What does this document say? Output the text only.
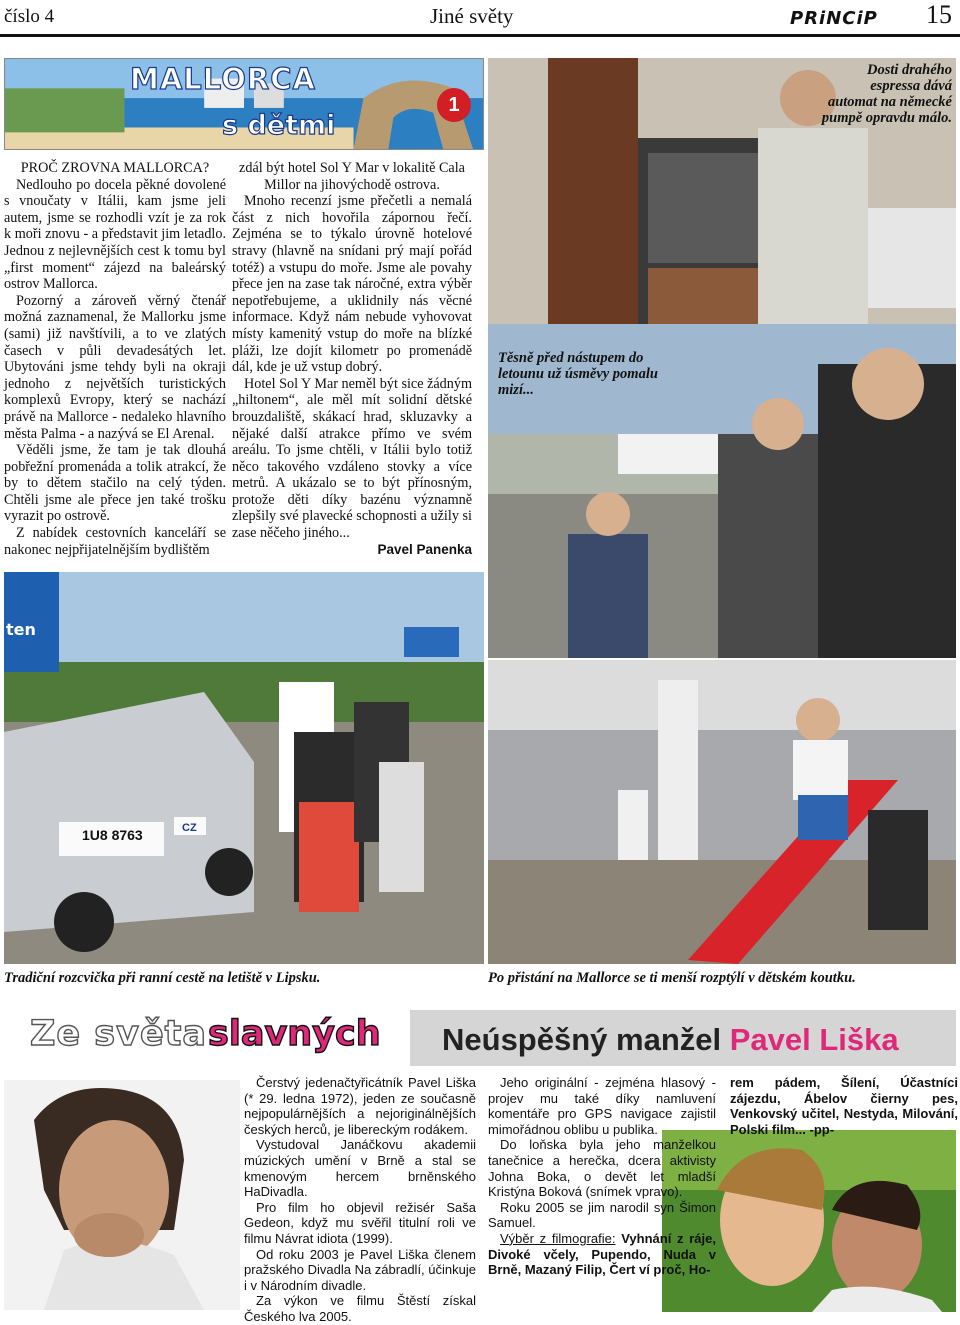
číslo 4	Jiné světy	PRiNCiP 15
MALLORCA
s dětmi
1
PROČ ZROVNA MALLORCA?

Nedlouho po docela pěkné dovolené s vnoučaty v Itálii, kam jsme jeli autem, jsme se rozhodli vzít je za rok k moři znovu - a představit jim letadlo. Jednou z nejlevnějších cest k tomu byl „first moment“ zájezd na baleárský ostrov Mallorca.

Pozorný a zároveň věrný čtenář možná zaznamenal, že Mallorku jsme (sami) již navštívili, a to ve zlatých časech v půli devadesátých let. Ubytováni jsme tehdy byli na okraji jednoho z největších turistických komplexů Evropy, který se nachází právě na Mallorce - nedaleko hlavního města Palma - a nazývá se El Arenal.

Věděli jsme, že tam je tak dlouhá pobřežní promenáda a tolik atrakcí, že by to dětem stačilo na celý týden. Chtěli jsme ale přece jen také trošku vyrazit po ostrově.

Z nabídek cestovních kanceláří se nakonec nejpřijatelnějším bydlištěm

zdál být hotel Sol Y Mar v lokalitě Cala Millor na jihovýchodě ostrova.

Mnoho recenzí jsme přečetli a nemalá část z nich hovořila zápornou řečí. Zejména se to týkalo úrovně hotelové stravy (hlavně na snídani prý mají pořád totéž) a vstupu do moře. Jsme ale povahy přece jen na zase tak náročné, extra výběr nepotřebujeme, a uklidnily nás věcné informace. Když nám nebude vyhovovat místy kamenitý vstup do moře na blízké pláži, lze dojít kilometr po promenádě dál, kde je už vstup dobrý.

Hotel Sol Y Mar neměl být sice žádným „hiltonem“, ale měl mít solidní dětské brouzdaliště, skákací hrad, skluzavky a nějaké další atrakce přímo ve svém areálu. To jsme chtěli, v Itálii bylo totiž něco takového vzdáleno stovky a více metrů. A ukázalo se to být přínosným, protože děti díky bazénu významně zlepšily své plavecké schopnosti a užily si zase něčeho jiného...

Pavel Panenka
Dosti drahého espressa dává automat na německé pumpě opravdu málo.
Těsně před nástupem do letounu už úsměvy pomalu mizí...
ten
1U8 8763	CZ
Tradiční rozcvička při ranní cestě na letiště v Lipsku.	Po přistání na Mallorce se ti menší rozptýlí v dětském koutku.
Ze světa slavných Neúspěšný manžel Pavel Liška

Čerstvý jedenačtyřicátník Pavel Liška (* 29. ledna 1972), jeden ze současně nejpopulárnějších a nejoriginálnějších českých herců, je libereckým rodákem.

Vystudoval Janáčkovu akademii múzických umění v Brně a stal se kmenovým hercem brněnského HaDivadla.

Pro film ho objevil režisér Saša Gedeon, když mu svěřil titulní roli ve filmu Návrat idiota (1999).

Od roku 2003 je Pavel Liška členem pražského Divadla Na zábradlí, účinkuje i v Národním divadle.

Za výkon ve filmu Štěstí získal Českého lva 2005.

Jeho originální - zejména hlasový - projev mu také díky namluvení komentáře pro GPS navigace zajistil mimořádnou oblibu u publika.

Do loňska byla jeho manželkou tanečnice a herečka, dcera aktivisty Johna Boka, o devět let mladší Kristýna Boková (snímek vpravo).

Roku 2005 se jim narodil syn Šimon Samuel.

Výběr z filmografie: Vyhnání z ráje, Divoké včely, Pupendo, Nuda v Brně, Mazaný Filip, Čert ví proč, Ho-

rem pádem, Šílení, Účastníci zájezdu, Ábelov čierny pes, Venkovský učitel, Nestyda, Milování, Polski film... -pp-
